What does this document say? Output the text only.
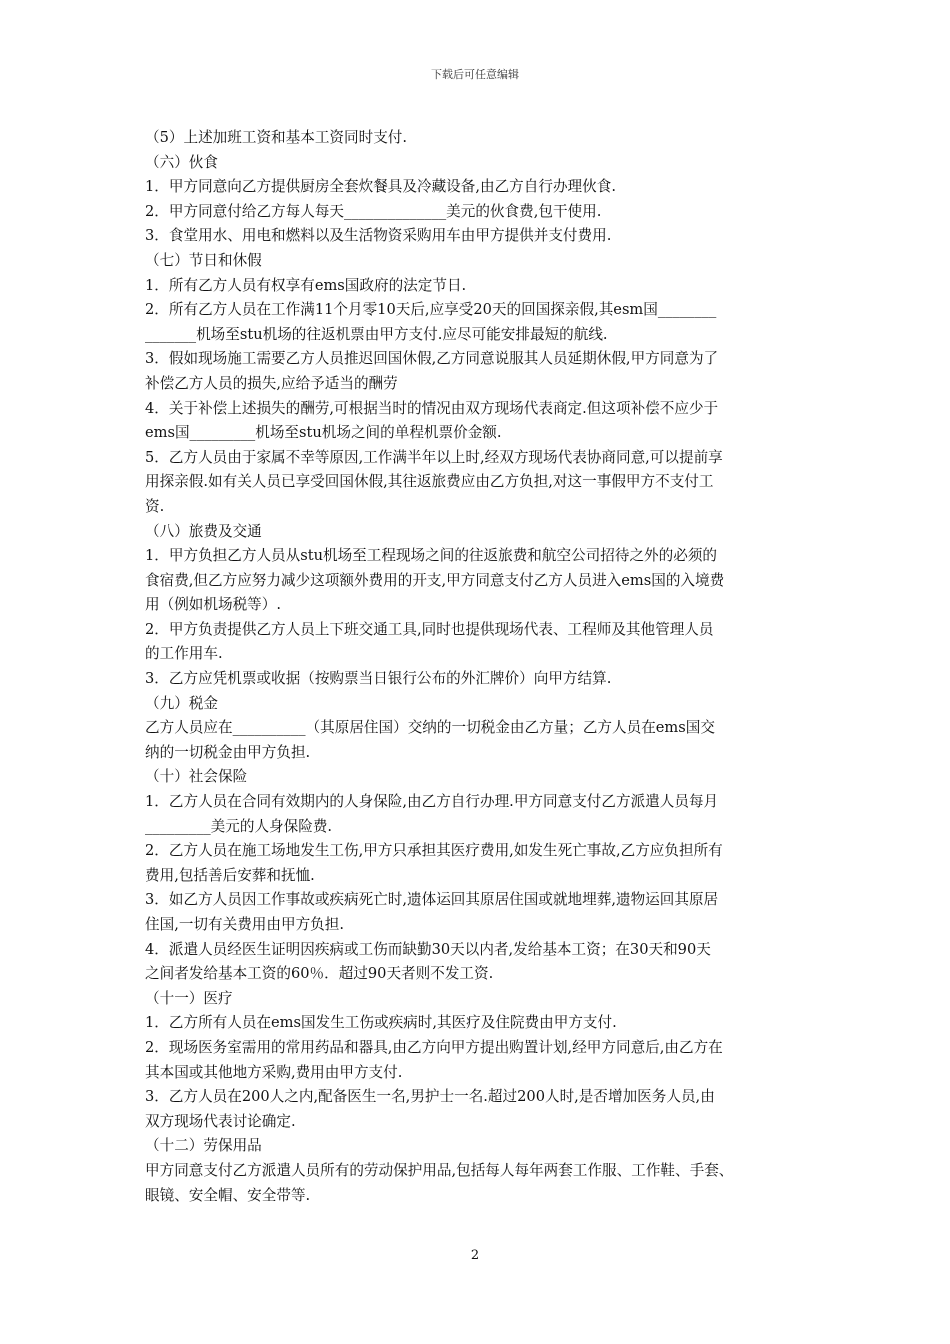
下载后可任意编辑
（5）上述加班工资和基本工资同时支付.
（六）伙食
1．甲方同意向乙方提供厨房全套炊餐具及冷藏设备,由乙方自行办理伙食.
2．甲方同意付给乙方每人每天______________美元的伙食费,包干使用.
3．食堂用水、用电和燃料以及生活物资采购用车由甲方提供并支付费用.
（七）节日和休假
1．所有乙方人员有权享有ems国政府的法定节日.
2．所有乙方人员在工作满11个月零10天后,应享受20天的回国探亲假,其esm国________
_______机场至stu机场的往返机票由甲方支付.应尽可能安排最短的航线.
3．假如现场施工需要乙方人员推迟回国休假,乙方同意说服其人员延期休假,甲方同意为了
补偿乙方人员的损失,应给予适当的酬劳
4．关于补偿上述损失的酬劳,可根据当时的情况由双方现场代表商定.但这项补偿不应少于
ems国_________机场至stu机场之间的单程机票价金额.
5．乙方人员由于家属不幸等原因,工作满半年以上时,经双方现场代表协商同意,可以提前享
用探亲假.如有关人员已享受回国休假,其往返旅费应由乙方负担,对这一事假甲方不支付工
资.
（八）旅费及交通
1．甲方负担乙方人员从stu机场至工程现场之间的往返旅费和航空公司招待之外的必须的
食宿费,但乙方应努力减少这项额外费用的开支,甲方同意支付乙方人员进入ems国的入境费
用（例如机场税等）.
2．甲方负责提供乙方人员上下班交通工具,同时也提供现场代表、工程师及其他管理人员
的工作用车.
3．乙方应凭机票或收据（按购票当日银行公布的外汇牌价）向甲方结算.
（九）税金
乙方人员应在__________（其原居住国）交纳的一切税金由乙方量；乙方人员在ems国交
纳的一切税金由甲方负担.
（十）社会保险
1．乙方人员在合同有效期内的人身保险,由乙方自行办理.甲方同意支付乙方派遣人员每月
_________美元的人身保险费.
2．乙方人员在施工场地发生工伤,甲方只承担其医疗费用,如发生死亡事故,乙方应负担所有
费用,包括善后安葬和抚恤.
3．如乙方人员因工作事故或疾病死亡时,遗体运回其原居住国或就地埋葬,遗物运回其原居
住国,一切有关费用由甲方负担.
4．派遣人员经医生证明因疾病或工伤而缺勤30天以内者,发给基本工资；在30天和90天
之间者发给基本工资的60％．超过90天者则不发工资.
（十一）医疗
1．乙方所有人员在ems国发生工伤或疾病时,其医疗及住院费由甲方支付.
2．现场医务室需用的常用药品和器具,由乙方向甲方提出购置计划,经甲方同意后,由乙方在
其本国或其他地方采购,费用由甲方支付.
3．乙方人员在200人之内,配备医生一名,男护士一名.超过200人时,是否增加医务人员,由
双方现场代表讨论确定.
（十二）劳保用品
甲方同意支付乙方派遣人员所有的劳动保护用品,包括每人每年两套工作服、工作鞋、手套、
眼镜、安全帽、安全带等.
2
